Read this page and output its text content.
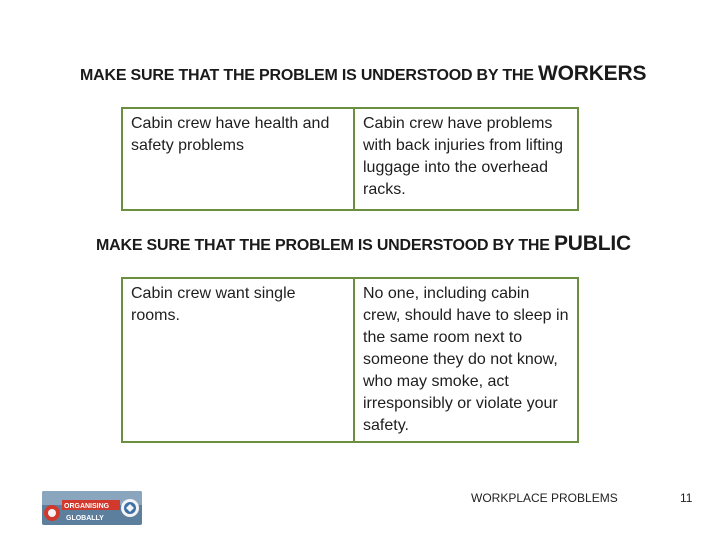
MAKE SURE THAT THE PROBLEM IS UNDERSTOOD BY THE WORKERS
Cabin crew have health and safety problems	Cabin crew have problems with back injuries from lifting luggage into the overhead racks.
MAKE SURE THAT THE PROBLEM IS UNDERSTOOD BY THE PUBLIC
Cabin crew want single rooms.	No one, including cabin crew, should have to sleep in the same room next to someone they do not know, who may smoke, act irresponsibly or violate your safety.
ORGANISING
GLOBALLY
WORKPLACE PROBLEMS	11
